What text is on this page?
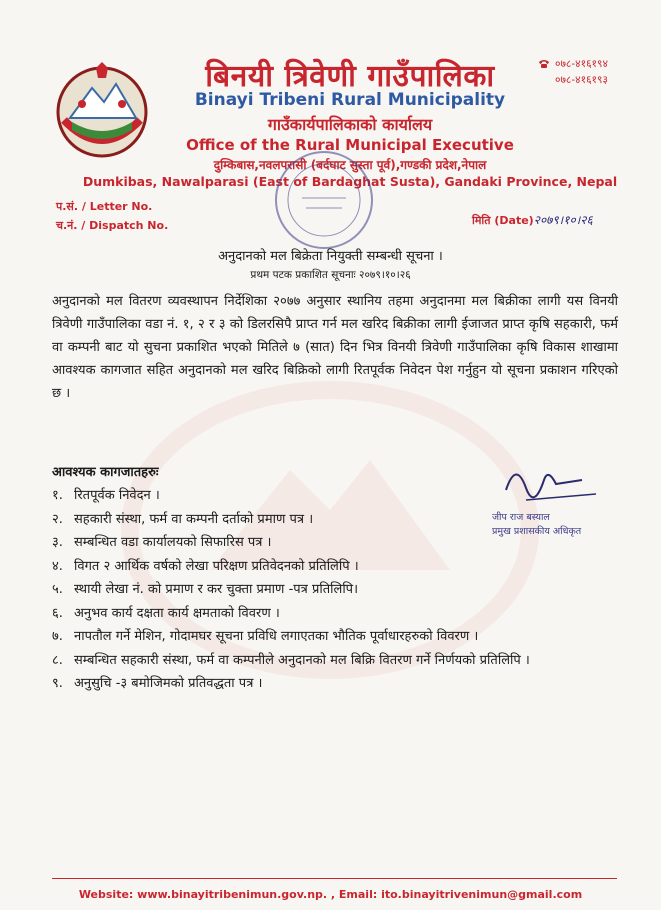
बिनयी त्रिवेणी गाउँपालिका
Binayi Tribeni Rural Municipality
गाउँकार्यपालिकाको कार्यालय
Office of the Rural Municipal Executive
दुम्किबास,नवलपरासी (बर्दघाट सुस्ता पूर्व),गण्डकी प्रदेश,नेपाल
Dumkibas, Nawalparasi (East of Bardaghat Susta), Gandaki Province, Nepal
०७८-४१६१९४
०७८-४१६१९३
प.सं. / Letter No.
च.नं. / Dispatch No.	मिति (Date)२०७९।१०।२६
अनुदानको मल बिक्रेता नियुक्ती सम्बन्धी सूचना ।
प्रथम पटक प्रकाशित सूचनाः २०७९।१०।२६
अनुदानको मल वितरण व्यवस्थापन निर्देशिका २०७७ अनुसार स्थानिय तहमा अनुदानमा मल बिक्रीका लागी यस विनयी त्रिवेणी गाउँपालिका वडा नं. १, २ र ३ को डिलरसिपै प्राप्त गर्न मल खरिद बिक्रीका लागी ईजाजत प्राप्त कृषि सहकारी, फर्म वा कम्पनी बाट यो सुचना प्रकाशित भएको मितिले ७ (सात) दिन भित्र विनयी त्रिवेणी गाउँपालिका कृषि विकास शाखामा आवश्यक कागजात सहित अनुदानको मल खरिद बिक्रिको लागी रितपूर्वक निवेदन पेश गर्नुहुन यो सूचना प्रकाशन गरिएको छ ।
आवश्यक कागजातहरुः
१. रितपूर्वक निवेदन ।
२. सहकारी संस्था, फर्म वा कम्पनी दर्ताको प्रमाण पत्र ।
३. सम्बन्धित वडा कार्यालयको सिफारिस पत्र ।
४. विगत २ आर्थिक वर्षको लेखा परिक्षण प्रतिवेदनको प्रतिलिपि ।
५. स्थायी लेखा नं. को प्रमाण र कर चुक्ता प्रमाण -पत्र प्रतिलिपि।
६. अनुभव कार्य दक्षता कार्य क्षमताको विवरण ।
७. नापतौल गर्ने मेशिन, गोदामघर सूचना प्रविधि लगाएतका भौतिक पूर्वाधारहरुको विवरण ।
८. सम्बन्धित सहकारी संस्था, फर्म वा कम्पनीले अनुदानको मल बिक्रि वितरण गर्ने निर्णयको प्रतिलिपि ।
९. अनुसुचि -३ बमोजिमको प्रतिवद्धता पत्र ।
जीप राज बस्याल
प्रमुख प्रशासकीय अधिकृत
Website: www.binayitribenimun.gov.np. , Email: ito.binayitrivenimun@gmail.com
